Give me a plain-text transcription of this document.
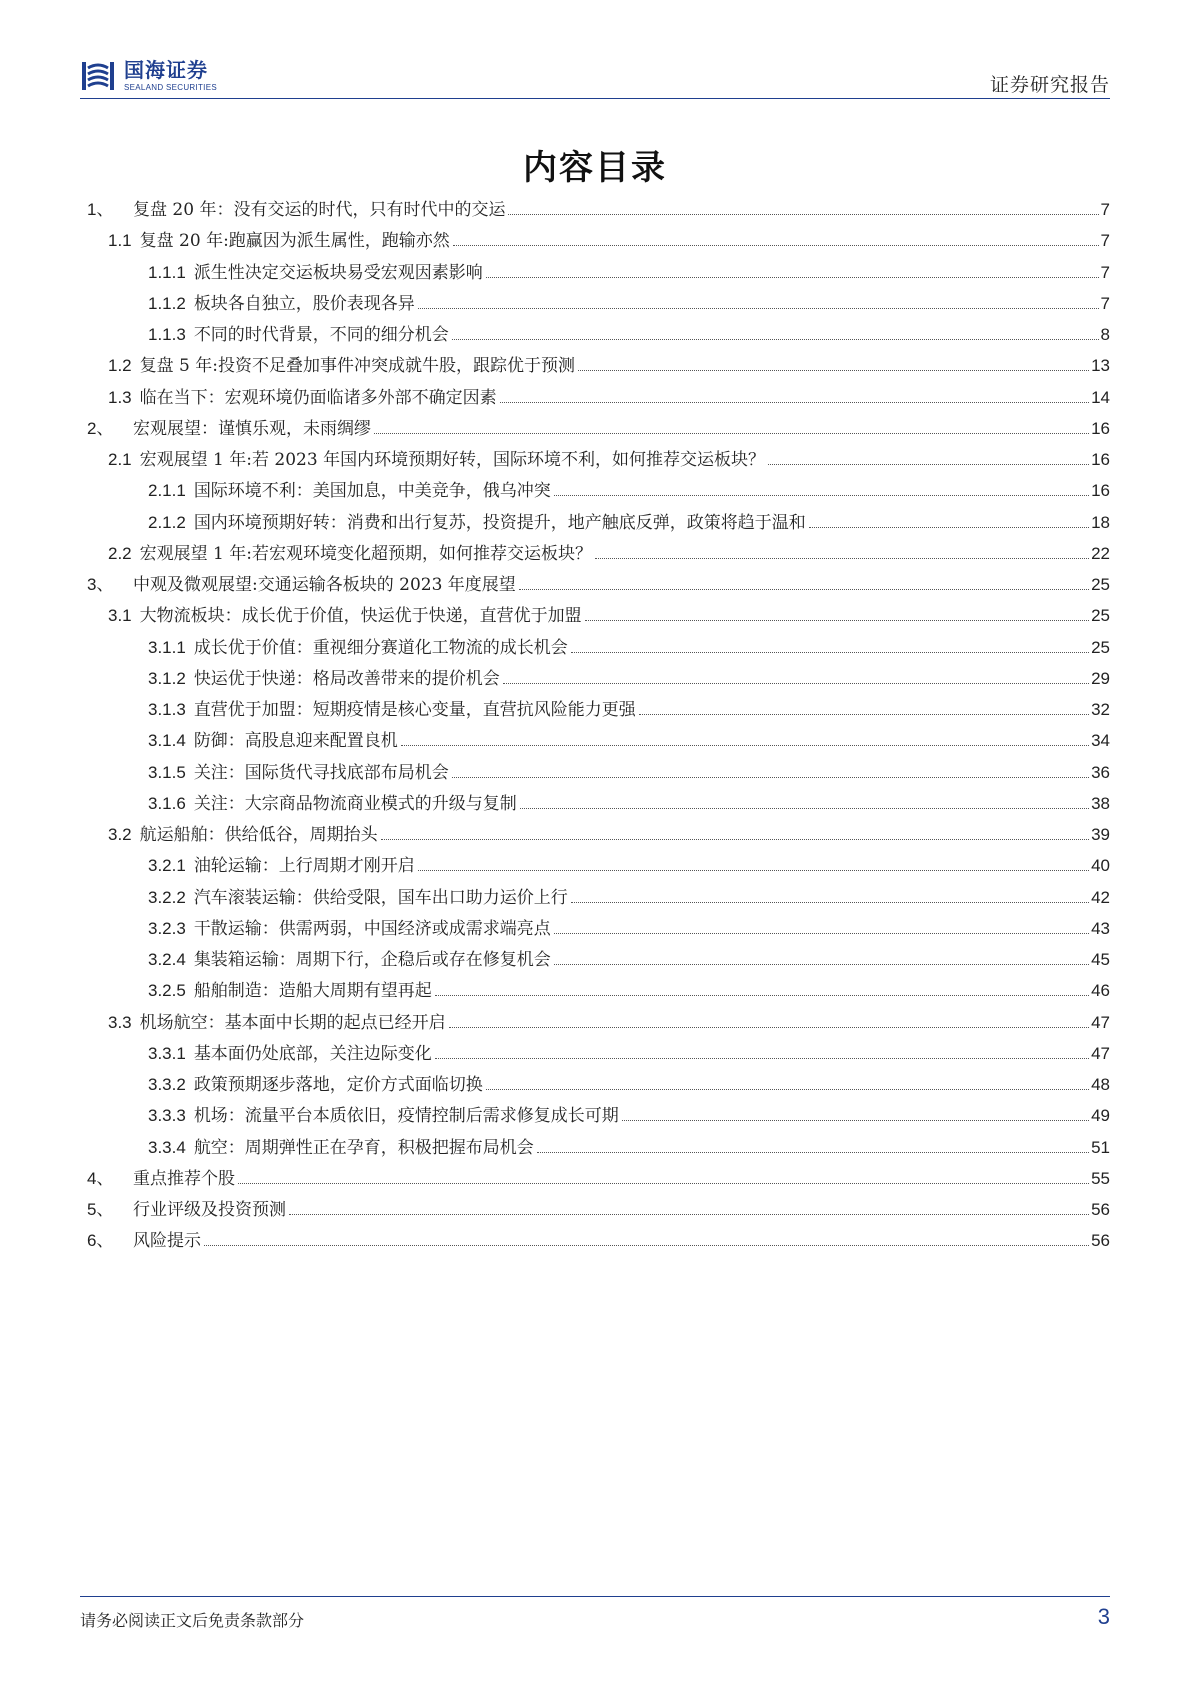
国海证券
SEALAND SECURITIES	证券研究报告
内容目录
1、	复盘 20 年：没有交运的时代，只有时代中的交运	7
1.1 复盘 20 年:跑赢因为派生属性，跑输亦然	7
1.1.1 派生性决定交运板块易受宏观因素影响	7
1.1.2 板块各自独立，股价表现各异	7
1.1.3 不同的时代背景，不同的细分机会	8
1.2 复盘 5 年:投资不足叠加事件冲突成就牛股，跟踪优于预测	13
1.3 临在当下：宏观环境仍面临诸多外部不确定因素	14
2、	宏观展望：谨慎乐观，未雨绸缪	16
2.1 宏观展望 1 年:若 2023 年国内环境预期好转，国际环境不利，如何推荐交运板块？	16
2.1.1 国际环境不利：美国加息，中美竞争，俄乌冲突	16
2.1.2 国内环境预期好转：消费和出行复苏，投资提升，地产触底反弹，政策将趋于温和	18
2.2 宏观展望 1 年:若宏观环境变化超预期，如何推荐交运板块？	22
3、	中观及微观展望:交通运输各板块的 2023 年度展望	25
3.1 大物流板块：成长优于价值，快运优于快递，直营优于加盟	25
3.1.1 成长优于价值：重视细分赛道化工物流的成长机会	25
3.1.2 快运优于快递：格局改善带来的提价机会	29
3.1.3 直营优于加盟：短期疫情是核心变量，直营抗风险能力更强	32
3.1.4 防御：高股息迎来配置良机	34
3.1.5 关注：国际货代寻找底部布局机会	36
3.1.6 关注：大宗商品物流商业模式的升级与复制	38
3.2 航运船舶：供给低谷，周期抬头	39
3.2.1 油轮运输：上行周期才刚开启	40
3.2.2 汽车滚装运输：供给受限，国车出口助力运价上行	42
3.2.3 干散运输：供需两弱，中国经济或成需求端亮点	43
3.2.4 集装箱运输：周期下行，企稳后或存在修复机会	45
3.2.5 船舶制造：造船大周期有望再起	46
3.3 机场航空：基本面中长期的起点已经开启	47
3.3.1 基本面仍处底部，关注边际变化	47
3.3.2 政策预期逐步落地，定价方式面临切换	48
3.3.3 机场：流量平台本质依旧，疫情控制后需求修复成长可期	49
3.3.4 航空：周期弹性正在孕育，积极把握布局机会	51
4、	重点推荐个股	55
5、	行业评级及投资预测	56
6、	风险提示	56
请务必阅读正文后免责条款部分	3
